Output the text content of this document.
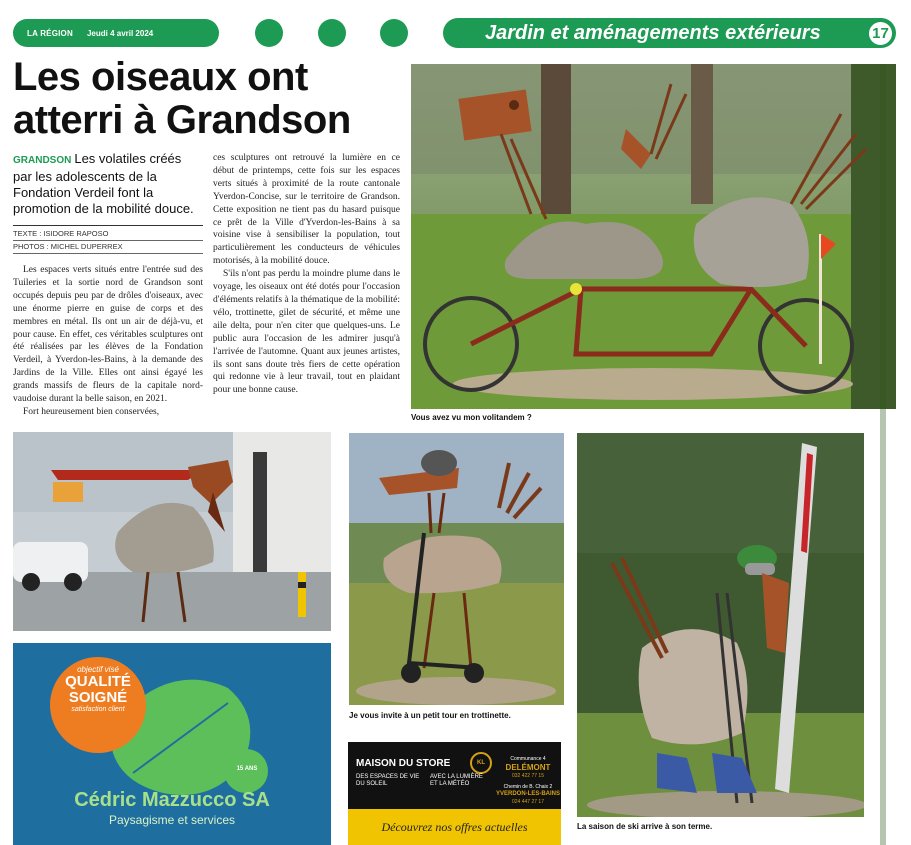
LA RÉGION Jeudi 4 avril 2024	Jardin et aménagements extérieurs	17
Les oiseaux ont
atterri à Grandson
GRANDSON Les volatiles créés par les adolescents de la Fondation Verdeil font la promotion de la mobilité douce.
TEXTE : ISIDORE RAPOSO
PHOTOS : MICHEL DUPERREX

Les espaces verts situés entre l'entrée sud des Tuileries et la sortie nord de Grandson sont occupés depuis peu par de drôles d'oiseaux, avec une énorme pierre en guise de corps et des membres en métal. Ils ont un air de déjà-vu, et pour cause. En effet, ces véritables sculptures ont été réalisées par les élèves de la Fondation Verdeil, à Yverdon-les-Bains, à la demande des Jardins de la Ville. Elles ont ainsi égayé les grands massifs de fleurs de la capitale nord-vaudoise durant la belle saison, en 2021.

Fort heureusement bien conservées,

ces sculptures ont retrouvé la lumière en ce début de printemps, cette fois sur les espaces verts situés à proximité de la route cantonale Yverdon-Concise, sur le territoire de Grandson. Cette exposition ne tient pas du hasard puisque ce prêt de la Ville d'Yverdon-les-Bains à sa voisine vise à sensibiliser la population, tout particulièrement les conducteurs de véhicules motorisés, à la mobilité douce.

S'ils n'ont pas perdu la moindre plume dans le voyage, les oiseaux ont été dotés pour l'occasion d'éléments relatifs à la thématique de la mobilité: vélo, trottinette, gilet de sécurité, et même une aile delta, pour n'en citer que quelques-uns. Le public aura l'occasion de les admirer jusqu'à l'arrivée de l'automne. Quant aux jeunes artistes, ils sont sans doute très fiers de cette opération qui redonne vie à leur travail, tout en plaidant pour une bonne cause.

Vous avez vu mon volitandem ?
Je vous invite à un petit tour en trottinette.
La saison de ski arrive à son terme.
objectif visé
QUALITÉ
SOIGNÉ
satisfaction client
15 ANS
Cédric Mazzucco SA
Paysagisme et services
MAISON DU STORE	KL
DES ESPACES DE VIE DU SOLEIL
AVEC LA LUMIÈRE ET LA MÉTÉO
Communance 4
DELÉMONT
032 422 77 15
Chemin de B. Chaix 2
YVERDON-LES-BAINS
024 447 27 17
Découvrez nos offres actuelles
